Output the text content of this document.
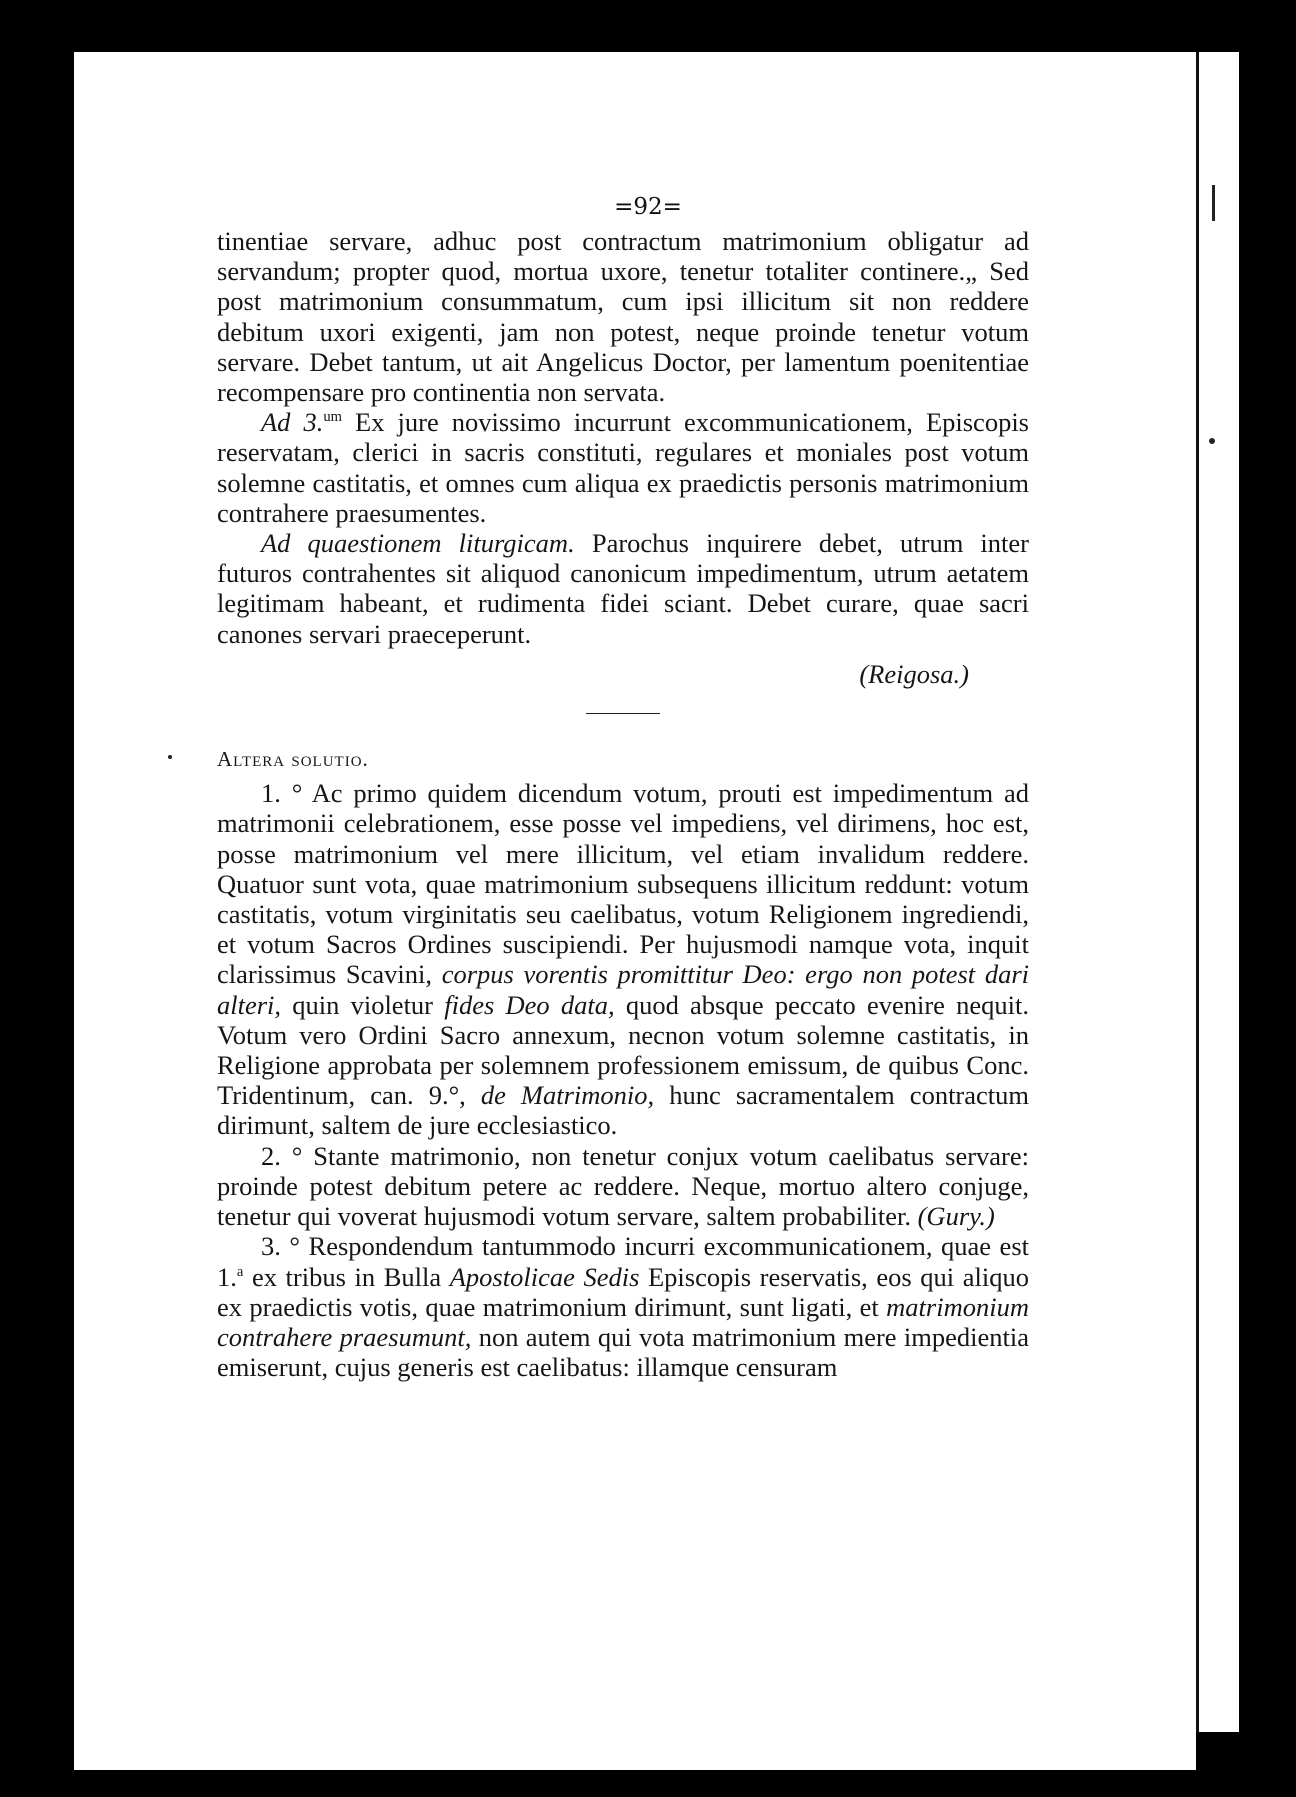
=92=

tinentiae servare, adhuc post contractum matrimonium obligatur ad servandum; propter quod, mortua uxore, tenetur totaliter continere.„ Sed post matrimonium consummatum, cum ipsi illicitum sit non reddere debitum uxori exigenti, jam non potest, neque proinde tenetur votum servare. Debet tantum, ut ait Angelicus Doctor, per lamentum poenitentiae recompensare pro continentia non servata.

Ad 3.$^{um}$ Ex jure novissimo incurrunt excommunicationem, Episcopis reservatam, clerici in sacris constituti, regulares et moniales post votum solemne castitatis, et omnes cum aliqua ex praedictis personis matrimonium contrahere praesumentes.

Ad quaestionem liturgicam. Parochus inquirere debet, utrum inter futuros contrahentes sit aliquod canonicum impedimentum, utrum aetatem legitimam habeant, et rudimenta fidei sciant. Debet curare, quae sacri canones servari praeceperunt.

(Reigosa.)

Altera solutio.

1. ° Ac primo quidem dicendum votum, prouti est impedimentum ad matrimonii celebrationem, esse posse vel impediens, vel dirimens, hoc est, posse matrimonium vel mere illicitum, vel etiam invalidum reddere. Quatuor sunt vota, quae matrimonium subsequens illicitum reddunt: votum castitatis, votum virginitatis seu caelibatus, votum Religionem ingrediendi, et votum Sacros Ordines suscipiendi. Per hujusmodi namque vota, inquit clarissimus Scavini, corpus vorentis promittitur Deo: ergo non potest dari alteri, quin violetur fides Deo data, quod absque peccato evenire nequit. Votum vero Ordini Sacro annexum, necnon votum solemne castitatis, in Religione approbata per solemnem professionem emissum, de quibus Conc. Tridentinum, can. 9.°, de Matrimonio, hunc sacramentalem contractum dirimunt, saltem de jure ecclesiastico.

2. ° Stante matrimonio, non tenetur conjux votum caelibatus servare: proinde potest debitum petere ac reddere. Neque, mortuo altero conjuge, tenetur qui voverat hujusmodi votum servare, saltem probabiliter. (Gury.)

3. ° Respondendum tantummodo incurri excommunicationem, quae est 1.$^a$ ex tribus in Bulla Apostolicae Sedis Episcopis reservatis, eos qui aliquo ex praedictis votis, quae matrimonium dirimunt, sunt ligati, et matrimonium contrahere praesumunt, non autem qui vota matrimonium mere impedientia emiserunt, cujus generis est caelibatus: illamque censuram
